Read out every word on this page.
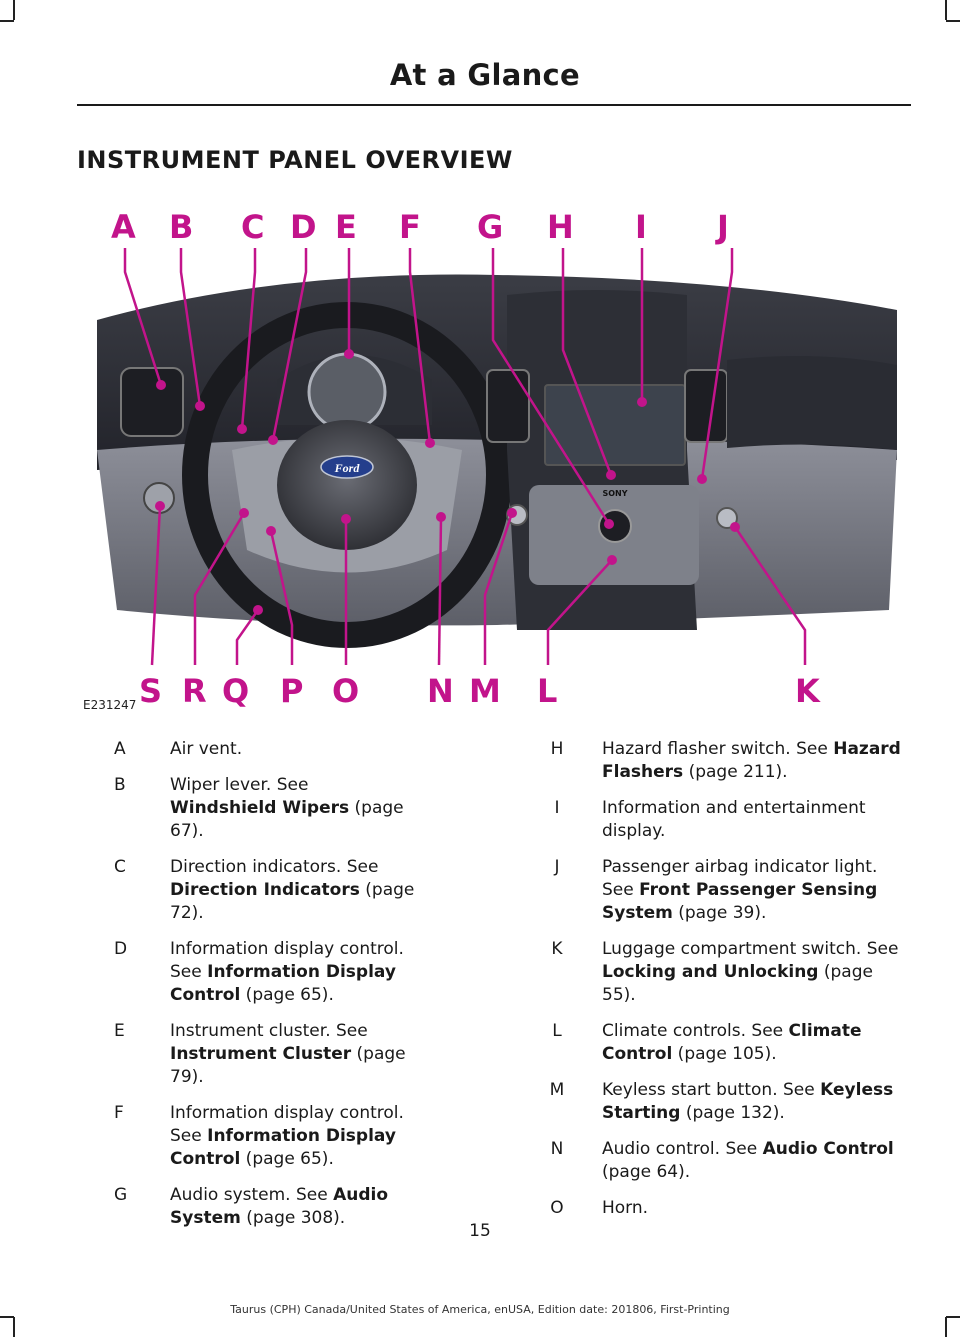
At a Glance
INSTRUMENT PANEL OVERVIEW
Ford
SONY
A B C D E F G H I J
S R Q P O N M L	K
E231247
A	Air vent.
B	Wiper lever. See Windshield Wipers (page 67).
C	Direction indicators. See Direction Indicators (page 72).
D	Information display control. See Information Display Control (page 65).
E	Instrument cluster. See Instrument Cluster (page 79).
F	Information display control. See Information Display Control (page 65).
G	Audio system. See Audio System (page 308).
H	Hazard flasher switch. See Hazard Flashers (page 211).
I	Information and entertainment display.
J	Passenger airbag indicator light. See Front Passenger Sensing System (page 39).
K	Luggage compartment switch. See Locking and Unlocking (page 55).
L	Climate controls. See Climate Control (page 105).
M	Keyless start button. See Keyless Starting (page 132).
N	Audio control. See Audio Control (page 64).
O	Horn.
15
Taurus (CPH) Canada/United States of America, enUSA, Edition date: 201806, First-Printing
